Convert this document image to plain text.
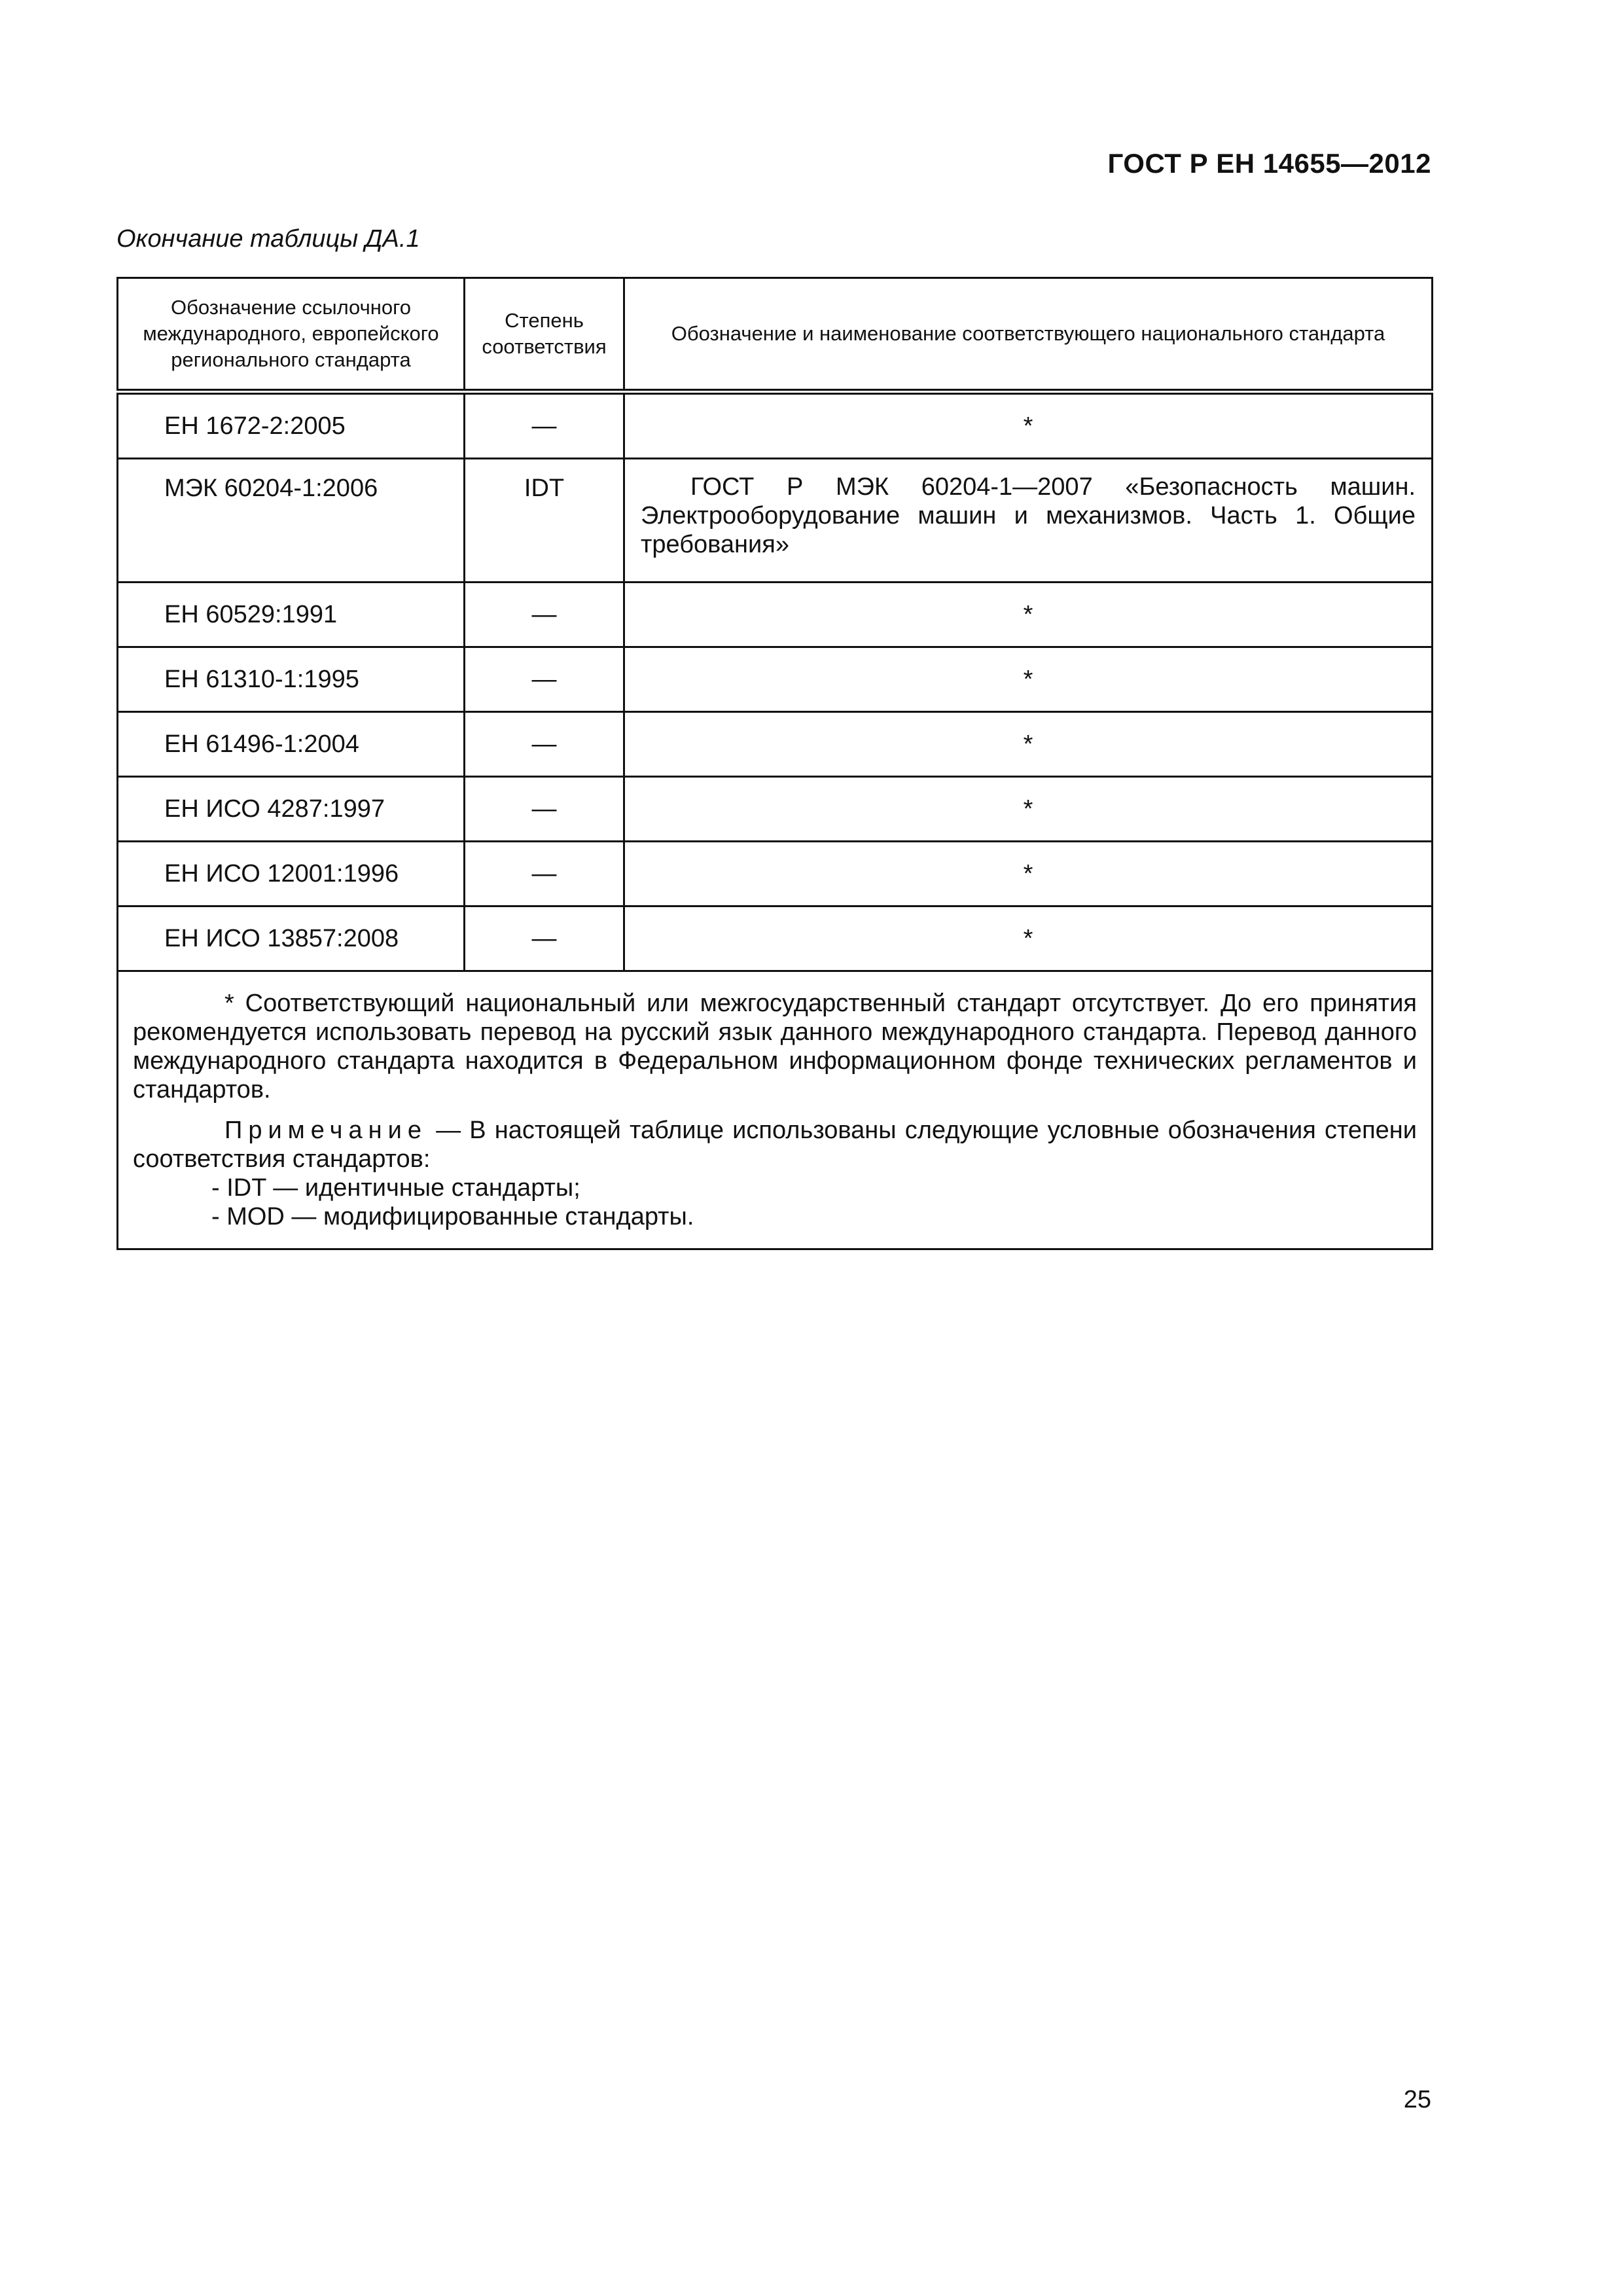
ГОСТ Р ЕН 14655—2012
Окончание таблицы ДА.1
Обозначение ссылочного международного, европейского регионального стандарта	Степень соответствия	Обозначение и наименование соответствующего национального стандарта
ЕН 1672-2:2005	—	*
МЭК 60204-1:2006	IDT	ГОСТ Р МЭК 60204-1—2007 «Безопасность машин. Электрооборудование машин и механизмов. Часть 1. Общие требования»
ЕН 60529:1991	—	*
ЕН 61310-1:1995	—	*
ЕН 61496-1:2004	—	*
ЕН ИСО 4287:1997	—	*
ЕН ИСО 12001:1996	—	*
ЕН ИСО 13857:2008	—	*

* Соответствующий национальный или межгосударственный стандарт отсутствует. До его принятия рекомендуется использовать перевод на русский язык данного международного стандарта. Перевод данного международного стандарта находится в Федеральном информационном фонде технических регламентов и стандартов.

Примечание — В настоящей таблице использованы следующие условные обозначения степени соответствия стандартов:

- IDT — идентичные стандарты;

- MOD — модифицированные стандарты.		

25
